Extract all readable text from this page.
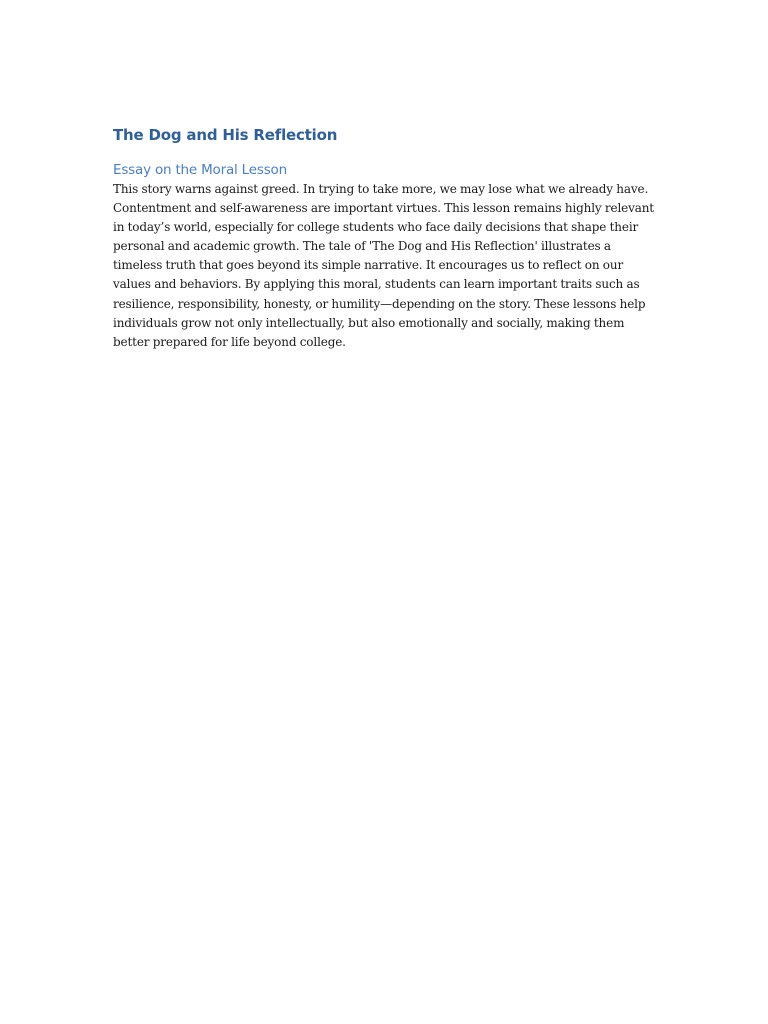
The Dog and His Reflection
Essay on the Moral Lesson

This story warns against greed. In trying to take more, we may lose what we already have. Contentment and self-awareness are important virtues. This lesson remains highly relevant in today’s world, especially for college students who face daily decisions that shape their personal and academic growth. The tale of 'The Dog and His Reflection' illustrates a timeless truth that goes beyond its simple narrative. It encourages us to reflect on our values and behaviors. By applying this moral, students can learn important traits such as resilience, responsibility, honesty, or humility—depending on the story. These lessons help individuals grow not only intellectually, but also emotionally and socially, making them better prepared for life beyond college.
